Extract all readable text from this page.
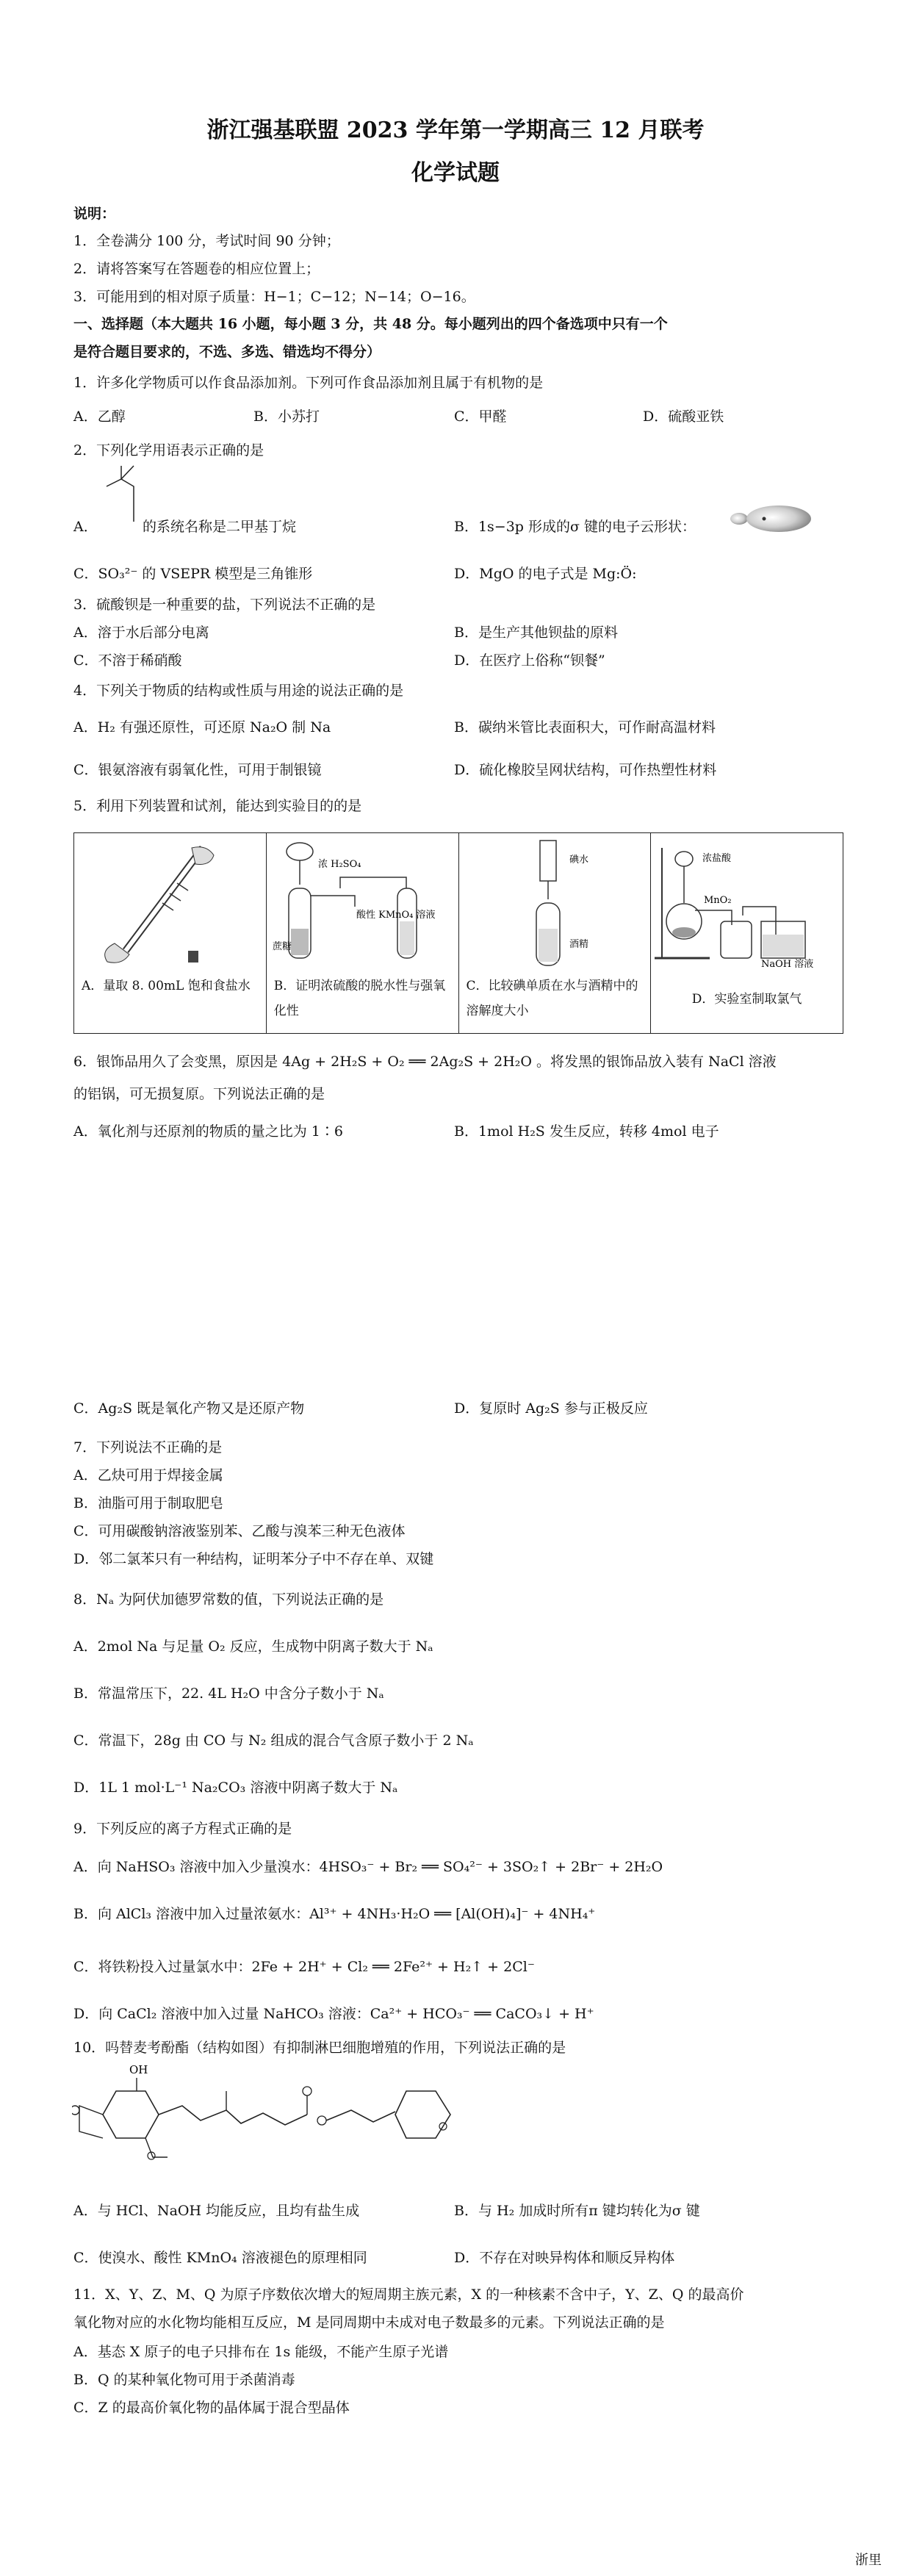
浙江强基联盟 2023 学年第一学期高三 12 月联考
化学试题
说明：
1．全卷满分 100 分，考试时间 90 分钟；
2．请将答案写在答题卷的相应位置上；
3．可能用到的相对原子质量：H−1；C−12；N−14；O−16。
一、选择题（本大题共 16 小题，每小题 3 分，共 48 分。每小题列出的四个备选项中只有一个
是符合题目要求的，不选、多选、错选均不得分）
1．许多化学物质可以作食品添加剂。下列可作食品添加剂且属于有机物的是
A．乙醇	B．小苏打	C．甲醛	D．硫酸亚铁
2．下列化学用语表示正确的是
A．	的系统名称是二甲基丁烷	B．1s−3p 形成的σ 键的电子云形状：
C．SO₃²⁻ 的 VSEPR 模型是三角锥形	D．MgO 的电子式是 Mg:Ö:
3．硫酸钡是一种重要的盐，下列说法不正确的是
A．溶于水后部分电离	B．是生产其他钡盐的原料
C．不溶于稀硝酸	D．在医疗上俗称“钡餐”
4．下列关于物质的结构或性质与用途的说法正确的是
A．H₂ 有强还原性，可还原 Na₂O 制 Na	B．碳纳米管比表面积大，可作耐高温材料
C．银氨溶液有弱氧化性，可用于制银镜	D．硫化橡胶呈网状结构，可作热塑性材料
5．利用下列装置和试剂，能达到实验目的的是
A．量取 8. 00mL 饱和食盐水

浓 H₂SO₄
蔗糖
酸性 KMnO₄ 溶液
B．证明浓硫酸的脱水性与强氧化性

碘水
酒精
C．比较碘单质在水与酒精中的溶解度大小

浓盐酸
MnO₂
NaOH 溶液
D．实验室制取氯气
6．银饰品用久了会变黑，原因是 4Ag + 2H₂S + O₂ ══ 2Ag₂S + 2H₂O 。将发黑的银饰品放入装有 NaCl 溶液
的铝锅，可无损复原。下列说法正确的是
A．氧化剂与还原剂的物质的量之比为 1∶6	B．1mol H₂S 发生反应，转移 4mol 电子
C．Ag₂S 既是氧化产物又是还原产物	D．复原时 Ag₂S 参与正极反应
7．下列说法不正确的是
A．乙炔可用于焊接金属
B．油脂可用于制取肥皂
C．可用碳酸钠溶液鉴别苯、乙酸与溴苯三种无色液体
D．邻二氯苯只有一种结构，证明苯分子中不存在单、双键
8．Nₐ 为阿伏加德罗常数的值，下列说法正确的是
A．2mol Na 与足量 O₂ 反应，生成物中阴离子数大于 Nₐ
B．常温常压下，22. 4L H₂O 中含分子数小于 Nₐ
C．常温下，28g 由 CO 与 N₂ 组成的混合气含原子数小于 2 Nₐ
D．1L 1 mol·L⁻¹ Na₂CO₃ 溶液中阴离子数大于 Nₐ
9．下列反应的离子方程式正确的是
A．向 NaHSO₃ 溶液中加入少量溴水：4HSO₃⁻ + Br₂ ══ SO₄²⁻ + 3SO₂↑ + 2Br⁻ + 2H₂O
B．向 AlCl₃ 溶液中加入过量浓氨水：Al³⁺ + 4NH₃·H₂O ══ [Al(OH)₄]⁻ + 4NH₄⁺
C．将铁粉投入过量氯水中：2Fe + 2H⁺ + Cl₂ ══ 2Fe²⁺ + H₂↑ + 2Cl⁻
D．向 CaCl₂ 溶液中加入过量 NaHCO₃ 溶液：Ca²⁺ + HCO₃⁻ ══ CaCO₃↓ + H⁺
10．吗替麦考酚酯（结构如图）有抑制淋巴细胞增殖的作用，下列说法正确的是
OH
A．与 HCl、NaOH 均能反应，且均有盐生成	B．与 H₂ 加成时所有π 键均转化为σ 键
C．使溴水、酸性 KMnO₄ 溶液褪色的原理相同	D．不存在对映异构体和顺反异构体
11．X、Y、Z、M、Q 为原子序数依次增大的短周期主族元素，X 的一种核素不含中子，Y、Z、Q 的最高价
氧化物对应的水化物均能相互反应，M 是同周期中未成对电子数最多的元素。下列说法正确的是
A．基态 X 原子的电子只排布在 1s 能级，不能产生原子光谱
B．Q 的某种氧化物可用于杀菌消毒
C．Z 的最高价氧化物的晶体属于混合型晶体
浙里
